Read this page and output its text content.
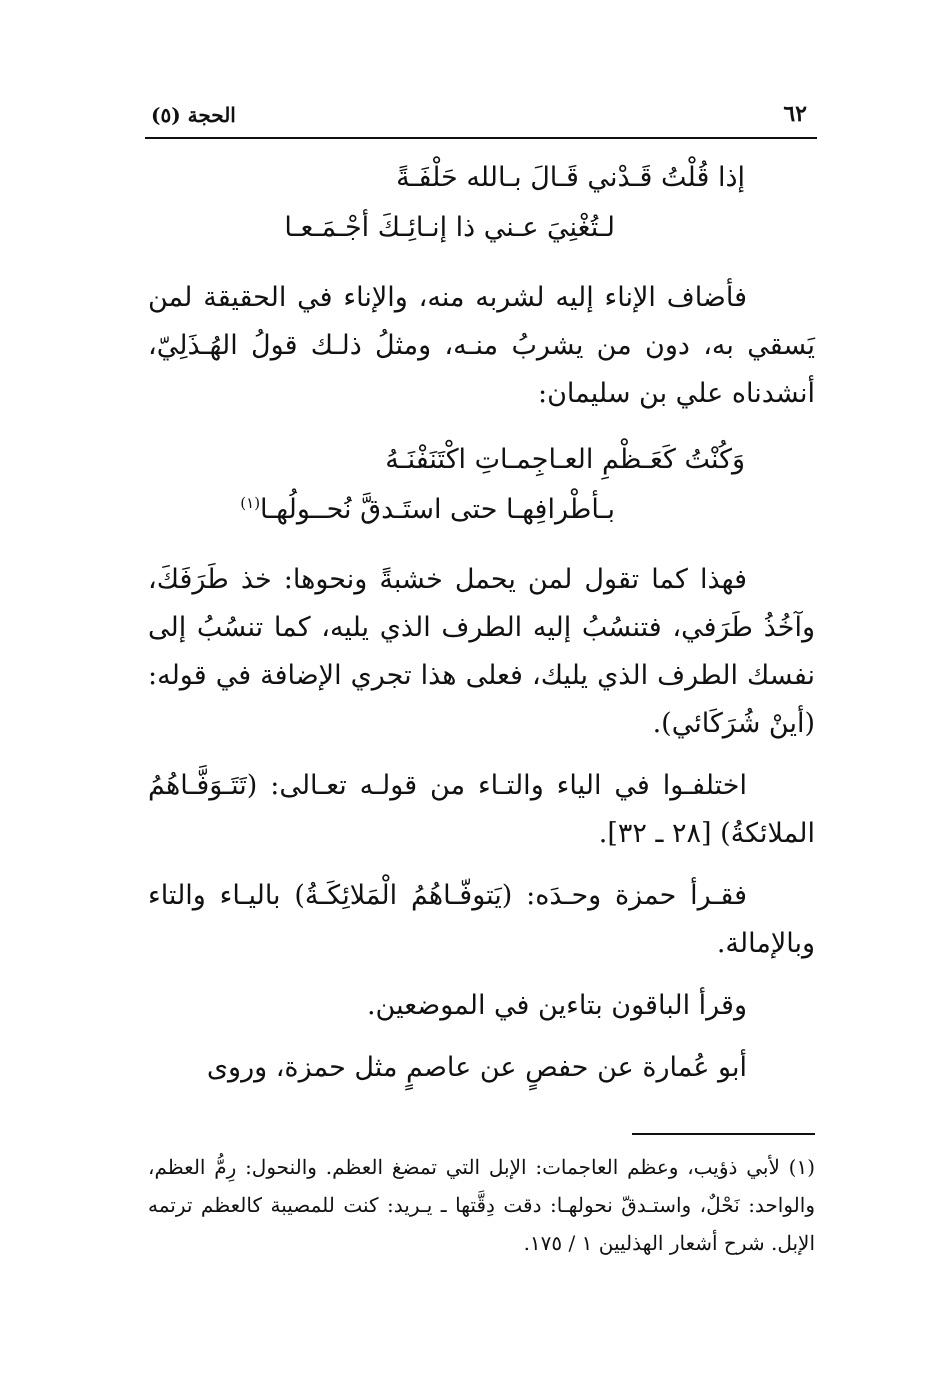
٦٢
الحجة (٥)
إذا قُلْتُ قَـدْني قَـالَ بـالله حَلْفَـةً
لـتُغْنِيَ عـني ذا إنـائِـكَ أجْـمَـعـا

فأضاف الإناء إليه لشربه منه، والإناء في الحقيقة لمن يَسقي به، دون من يشربُ منـه، ومثلُ ذلـك قولُ الهُـذَلِيّ، أنشدناه علي بن سليمان:

وَكُنْتُ كَعَـظْمِ العـاجِمـاتِ اكْتَنَفْنَـهُ
بـأطْرافِهـا حتى استَـدقَّ نُحــولُهـا$^{(١)}$

فهذا كما تقول لمن يحمل خشبةً ونحوها: خذ طَرَفَكَ، وآخُذُ طَرَفي، فتنسُبُ إليه الطرف الذي يليه، كما تنسُبُ إلى نفسك الطرف الذي يليك، فعلى هذا تجري الإضافة في قوله: (أينْ شُرَكَائي).

اختلفـوا في الياء والتـاء من قولـه تعـالى: (تَتَـوَفَّـاهُمُ الملائكةُ) [٢٨ ـ ٣٢].

فقـرأ حمزة وحـدَه: (يَتوفّـاهُمُ الْمَلائِكَـةُ) باليـاء والتاء وبالإمالة.

وقرأ الباقون بتاءين في الموضعين.

أبو عُمارة عن حفصٍ عن عاصمٍ مثل حمزة، وروى

(١) لأبي ذؤيب، وعظم العاجمات: الإبل التي تمضغ العظم. والنحول: رِمُّ العظم، والواحد: نَحْلٌ، واستـدقّ نحولهـا: دقت دِقَّتها ـ يـريد: كنت للمصيبة كالعظم ترتمه الإبل. شرح أشعار الهذليين ١ / ١٧٥.
